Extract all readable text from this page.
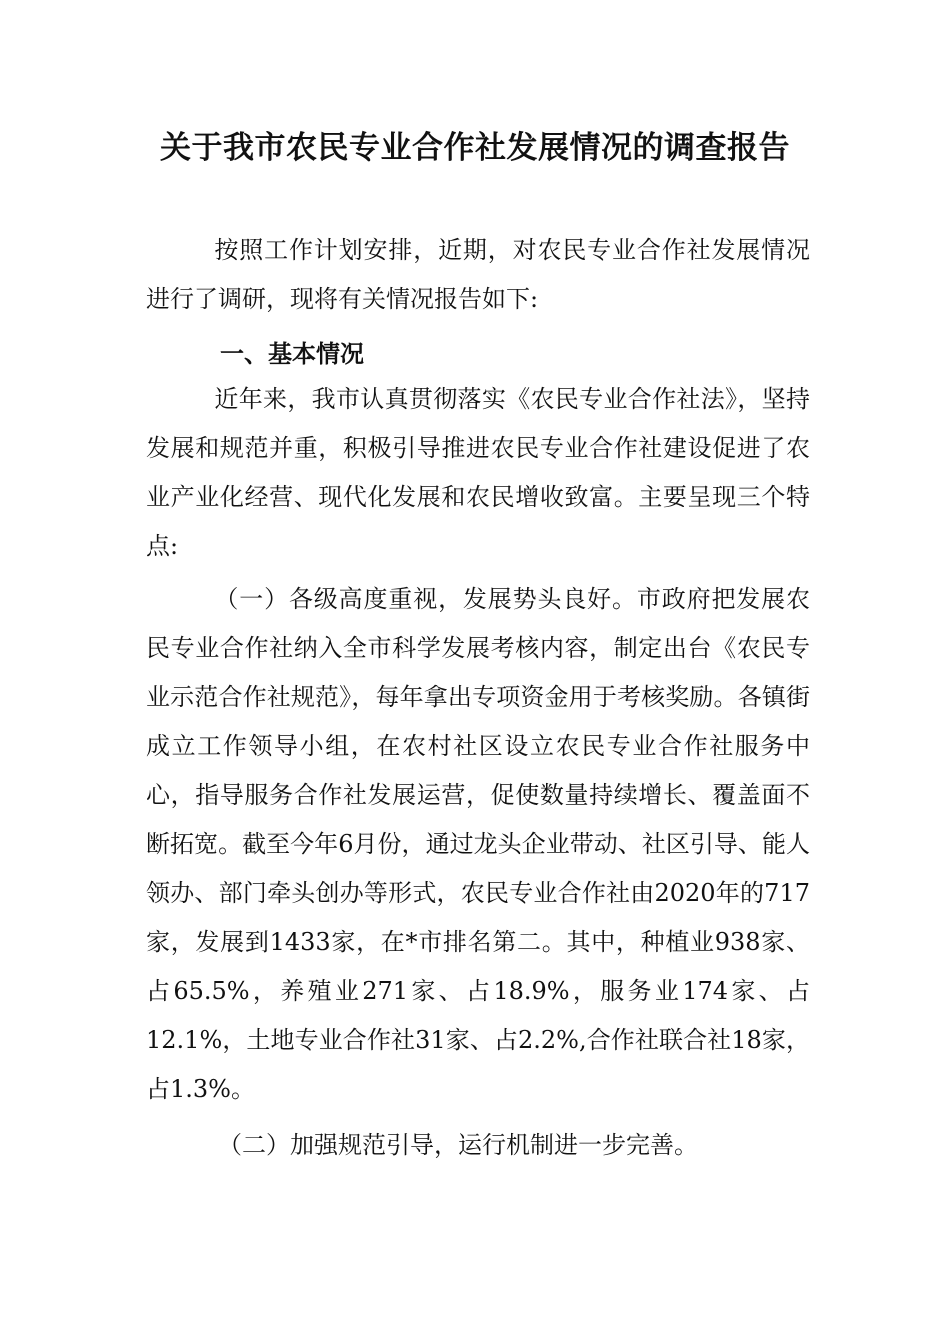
关于我市农民专业合作社发展情况的调查报告
按照工作计划安排，近期，对农民专业合作社发展情况进行了调研，现将有关情况报告如下:
一、基本情况
近年来，我市认真贯彻落实《农民专业合作社法》，坚持发展和规范并重，积极引导推进农民专业合作社建设促进了农业产业化经营、现代化发展和农民增收致富。主要呈现三个特点:
（一）各级高度重视，发展势头良好。市政府把发展农民专业合作社纳入全市科学发展考核内容，制定出台《农民专业示范合作社规范》，每年拿出专项资金用于考核奖励。各镇街成立工作领导小组，在农村社区设立农民专业合作社服务中心，指导服务合作社发展运营，促使数量持续增长、覆盖面不断拓宽。截至今年6月份，通过龙头企业带动、社区引导、能人领办、部门牵头创办等形式，农民专业合作社由2020年的717家，发展到1433家，在*市排名第二。其中，种植业938家、占65.5%，养殖业271家、占18.9%，服务业174家、占12.1%，土地专业合作社31家、占2.2%,合作社联合社18家，占1.3%。
（二）加强规范引导，运行机制进一步完善。
